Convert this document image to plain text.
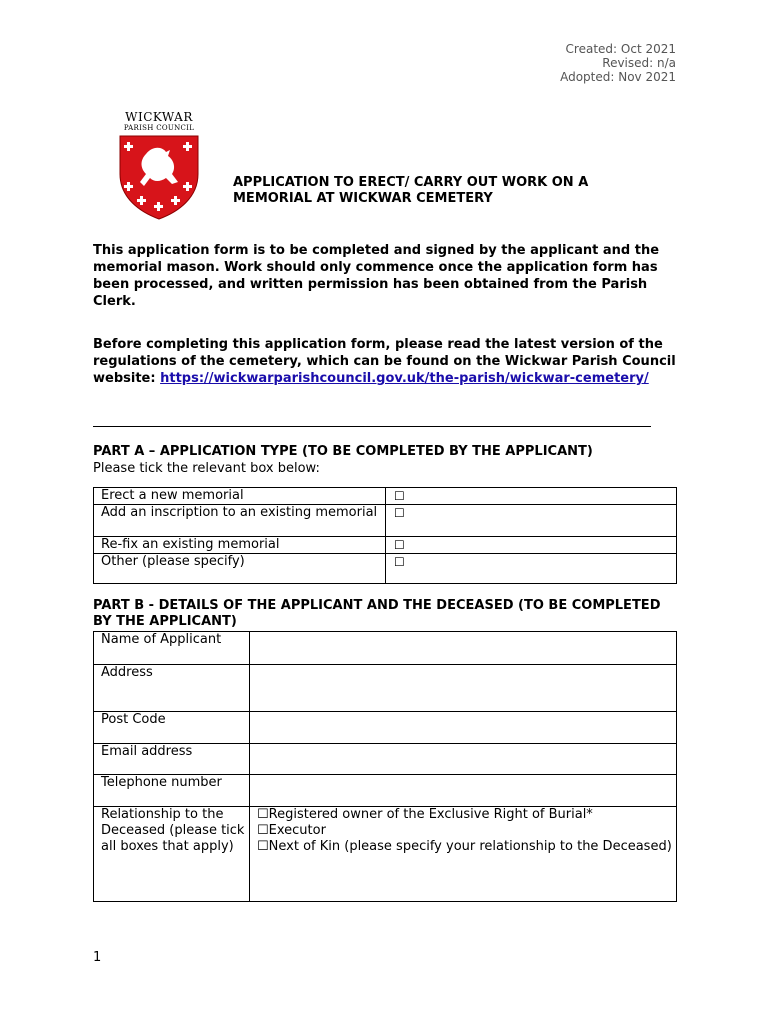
Created: Oct 2021
Revised: n/a
Adopted: Nov 2021
WICKWAR
PARISH COUNCIL
APPLICATION TO ERECT/ CARRY OUT WORK ON A MEMORIAL AT WICKWAR CEMETERY
This application form is to be completed and signed by the applicant and the memorial mason. Work should only commence once the application form has been processed, and written permission has been obtained from the Parish Clerk.
Before completing this application form, please read the latest version of the regulations of the cemetery, which can be found on the Wickwar Parish Council website: https://wickwarparishcouncil.gov.uk/the-parish/wickwar-cemetery/
PART A – APPLICATION TYPE (TO BE COMPLETED BY THE APPLICANT)
Please tick the relevant box below:
Erect a new memorial	☐
Add an inscription to an existing memorial	☐
Re-fix an existing memorial	☐
Other (please specify)	☐
PART B - DETAILS OF THE APPLICANT AND THE DECEASED (TO BE COMPLETED BY THE APPLICANT)
Name of Applicant	
Address	
Post Code	
Email address	
Telephone number	
Relationship to the Deceased (please tick all boxes that apply)	☐Registered owner of the Exclusive Right of Burial*
☐Executor
☐Next of Kin (please specify your relationship to the Deceased)
1
